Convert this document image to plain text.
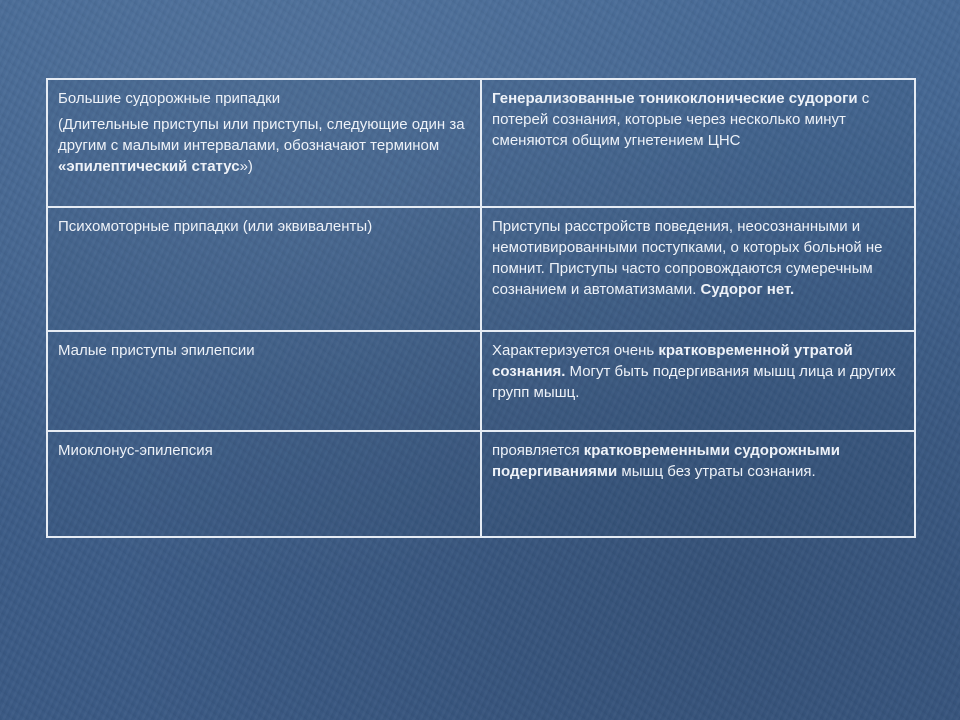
Большие судорожные припадки
(Длительные приступы или приступы, следующие один за другим с малыми интервалами, обозначают термином «эпилептический статус»)	Генерализованные тоникоклонические судороги с потерей сознания, которые через несколько минут сменяются общим угнетением ЦНС

Психомоторные припадки (или эквиваленты)	Приступы расстройств поведения, неосознанными и немотивированными поступками, о которых больной не помнит. Приступы часто сопровождаются сумеречным сознанием и автоматизмами. Судорог нет.

Малые приступы эпилепсии	Характеризуется очень кратковременной утратой сознания. Могут быть подергивания мышц лица и других групп мышц.

Миоклонус-эпилепсия	проявляется кратковременными судорожными подергиваниями мышц без утраты сознания.
